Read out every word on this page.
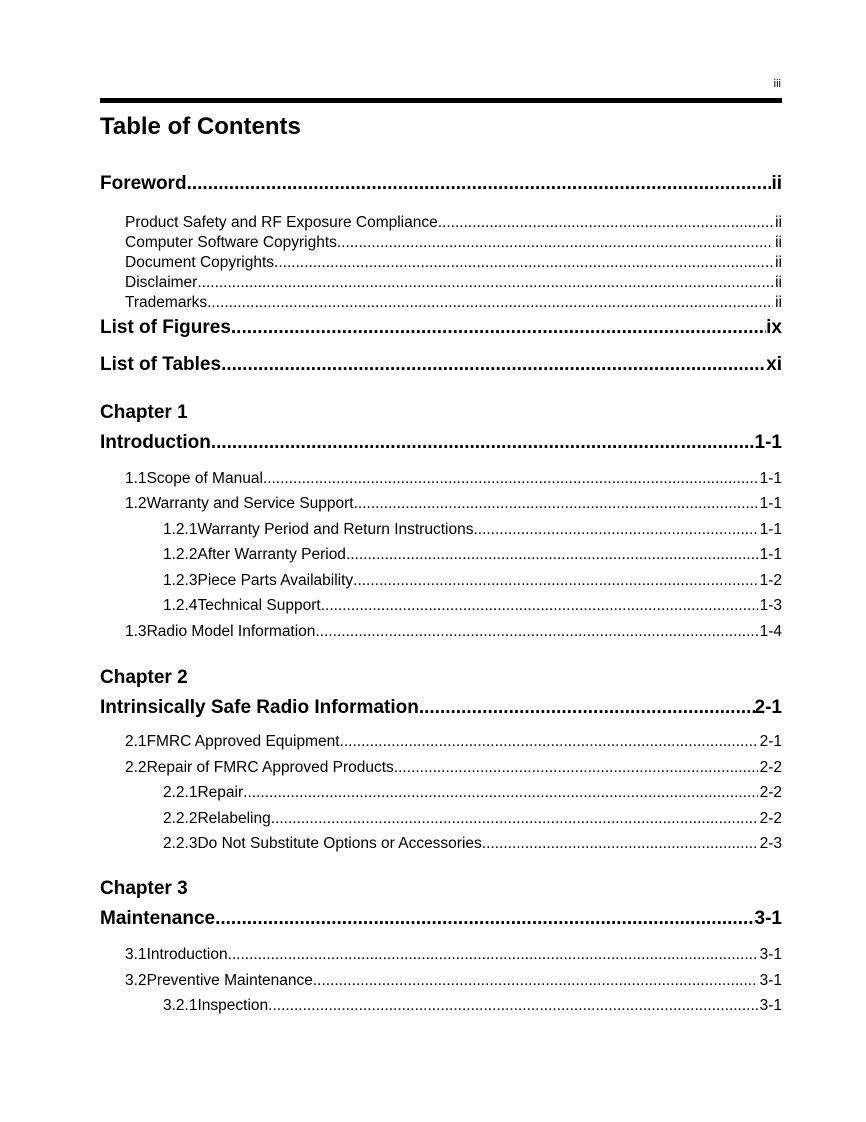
iii
Table of Contents
Foreword .....	ii
Product Safety and RF Exposure Compliance .....	ii
Computer Software Copyrights .....	ii
Document Copyrights .....	ii
Disclaimer .....	ii
Trademarks .....	ii
List of Figures .....	ix
List of Tables .....	xi
Chapter 1
Introduction .....	1-1
1.1 Scope of Manual .....	1-1
1.2 Warranty and Service Support .....	1-1
1.2.1 Warranty Period and Return Instructions .....	1-1
1.2.2 After Warranty Period .....	1-1
1.2.3 Piece Parts Availability .....	1-2
1.2.4 Technical Support .....	1-3
1.3 Radio Model Information .....	1-4
Chapter 2
Intrinsically Safe Radio Information .....	2-1
2.1 FMRC Approved Equipment .....	2-1
2.2 Repair of FMRC Approved Products .....	2-2
2.2.1 Repair .....	2-2
2.2.2 Relabeling .....	2-2
2.2.3 Do Not Substitute Options or Accessories .....	2-3
Chapter 3
Maintenance .....	3-1
3.1 Introduction .....	3-1
3.2 Preventive Maintenance .....	3-1
3.2.1 Inspection .....	3-1
